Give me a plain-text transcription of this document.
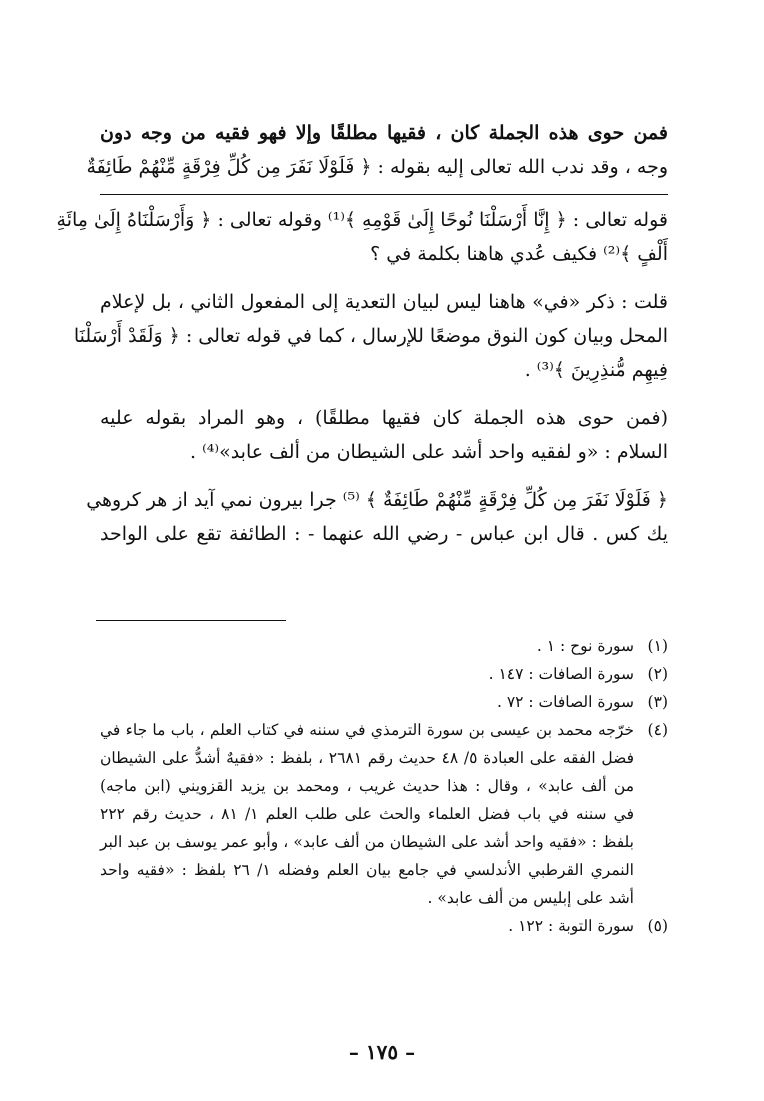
فمن حوى هذه الجملة كان ، فقيها مطلقًا وإلا فهو فقيه من وجه دون
وجه ، وقد ندب الله تعالى إليه بقوله : ﴿ فَلَوْلَا نَفَرَ مِن كُلِّ فِرْقَةٍ مِّنْهُمْ طَائِفَةٌ
قوله تعالى : ﴿ إِنَّا أَرْسَلْنَا نُوحًا إِلَىٰ قَوْمِهِ ﴾⁽¹⁾ وقوله تعالى : ﴿ وَأَرْسَلْنَاهُ إِلَىٰ مِائَةِ
أَلْفٍ ﴾⁽²⁾ فكيف عُدي هاهنا بكلمة في ؟
قلت : ذكر «في» هاهنا ليس لبيان التعدية إلى المفعول الثاني ، بل لإعلام
المحل وبيان كون النوق موضعًا للإرسال ، كما في قوله تعالى : ﴿ وَلَقَدْ أَرْسَلْنَا
فِيهِم مُّنذِرِينَ ﴾⁽³⁾ .
(فمن حوى هذه الجملة كان فقيها مطلقًا) ، وهو المراد بقوله عليه
السلام : «و لفقيه واحد أشد على الشيطان من ألف عابد»⁽⁴⁾ .
﴿ فَلَوْلَا نَفَرَ مِن كُلِّ فِرْقَةٍ مِّنْهُمْ طَائِفَةٌ ﴾ ⁽⁵⁾ جرا بيرون نمي آيد از هر كروهي
يك كس . قال ابن عباس - رضي الله عنهما - : الطائفة تقع على الواحد
(١)
سورة نوح : ١ .
(٢)
سورة الصافات : ١٤٧ .
(٣)
سورة الصافات : ٧٢ .
(٤)
خرّجه محمد بن عيسى بن سورة الترمذي في سننه في كتاب العلم ، باب ما جاء في
فضل الفقه على العبادة ٥/ ٤٨ حديث رقم ٢٦٨١ ، بلفظ : «فقيهٌ أشدُّ على الشيطان
من ألف عابد» ، وقال : هذا حديث غريب ، ومحمد بن يزيد القزويني (ابن ماجه)
في سننه في باب فضل العلماء والحث على طلب العلم ١/ ٨١ ، حديث رقم ٢٢٢
بلفظ : «فقيه واحد أشد على الشيطان من ألف عابد» ، وأبو عمر يوسف بن عبد البر
النمري القرطبي الأندلسي في جامع بيان العلم وفضله ١/ ٢٦ بلفظ : «فقيه واحد
أشد على إبليس من ألف عابد» .
(٥)
سورة التوبة : ١٢٢ .
– ١٧٥ –
